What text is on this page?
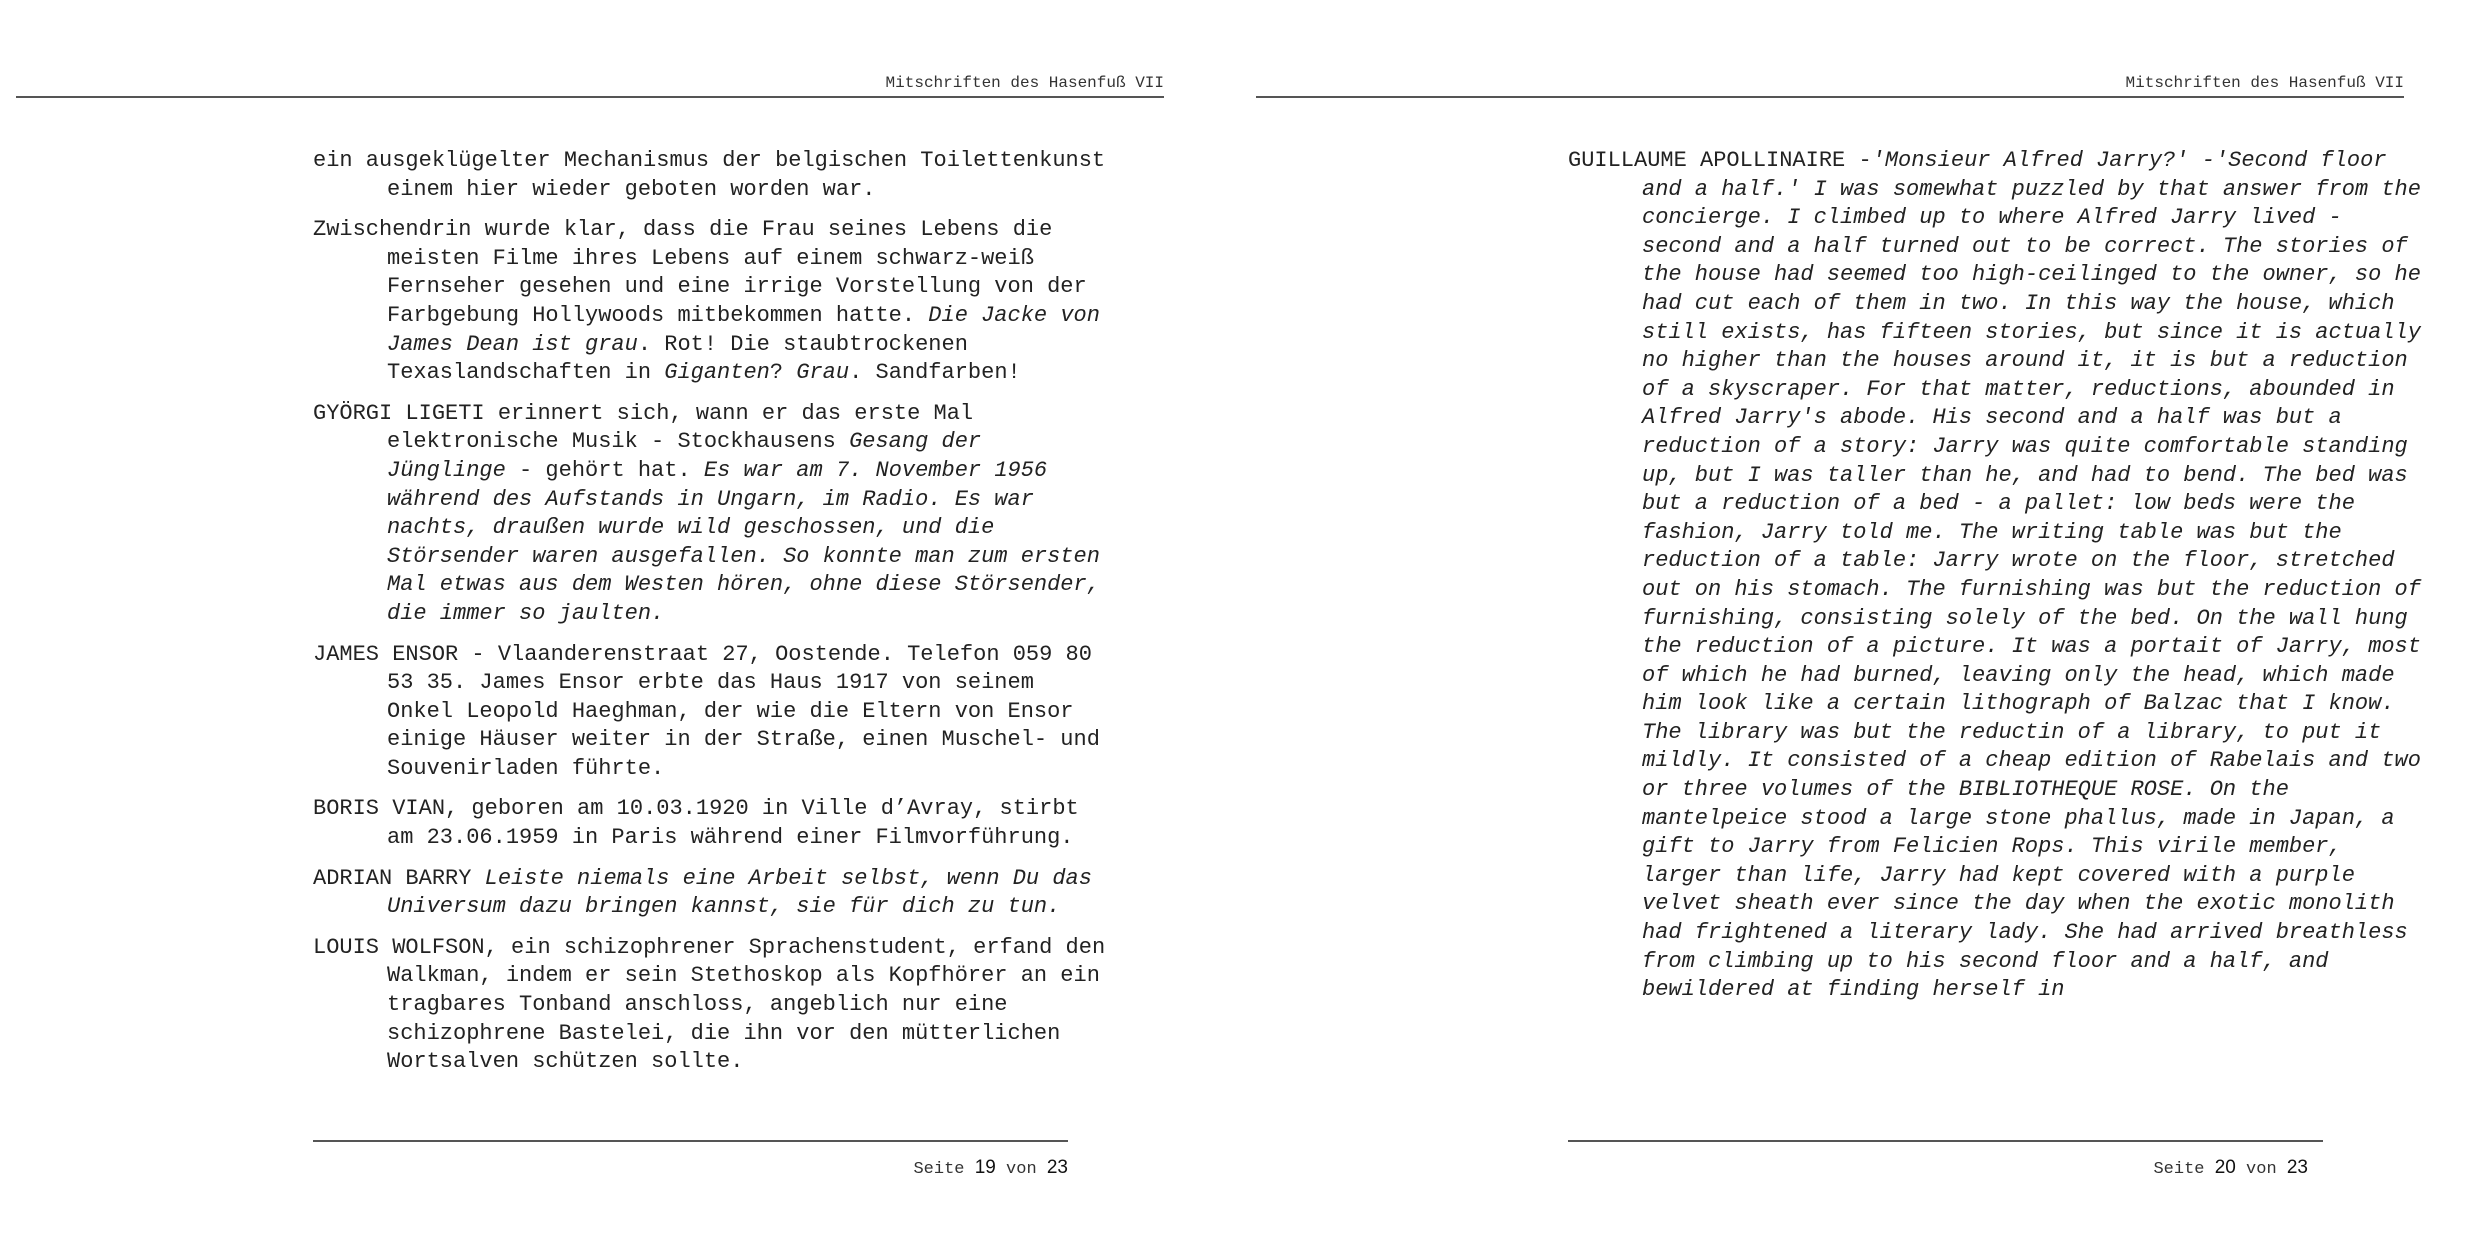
Mitschriften des Hasenfuß VII

ein ausgeklügelter Mechanismus der belgischen Toilettenkunst einem hier wieder geboten worden war.

Zwischendrin wurde klar, dass die Frau seines Lebens die meisten Filme ihres Lebens auf einem schwarz-weiß Fernseher gesehen und eine irrige Vorstellung von der Farbgebung Hollywoods mitbekommen hatte. Die Jacke von James Dean ist grau. Rot! Die staubtrockenen Texaslandschaften in Giganten? Grau. Sandfarben!

GYÖRGI LIGETI erinnert sich, wann er das erste Mal elektronische Musik - Stockhausens Gesang der Jünglinge - gehört hat. Es war am 7. November 1956 während des Aufstands in Ungarn, im Radio. Es war nachts, draußen wurde wild geschossen, und die Störsender waren ausgefallen. So konnte man zum ersten Mal etwas aus dem Westen hören, ohne diese Störsender, die immer so jaulten.

JAMES ENSOR - Vlaanderenstraat 27, Oostende. Telefon 059 80 53 35. James Ensor erbte das Haus 1917 von seinem Onkel Leopold Haeghman, der wie die Eltern von Ensor einige Häuser weiter in der Straße, einen Muschel- und Souvenirladen führte.

BORIS VIAN, geboren am 10.03.1920 in Ville d’Avray, stirbt am 23.06.1959 in Paris während einer Filmvorführung.

ADRIAN BARRY Leiste niemals eine Arbeit selbst, wenn Du das Universum dazu bringen kannst, sie für dich zu tun.

LOUIS WOLFSON, ein schizophrener Sprachenstudent, erfand den Walkman, indem er sein Stethoskop als Kopfhörer an ein tragbares Tonband anschloss, angeblich nur eine schizophrene Bastelei, die ihn vor den mütterlichen Wortsalven schützen sollte.

Seite 19 von 23
Mitschriften des Hasenfuß VII

GUILLAUME APOLLINAIRE -'Monsieur Alfred Jarry?' -'Second floor and a half.' I was somewhat puzzled by that answer from the concierge. I climbed up to where Alfred Jarry lived - second and a half turned out to be correct. The stories of the house had seemed too high-ceilinged to the owner, so he had cut each of them in two. In this way the house, which still exists, has fifteen stories, but since it is actually no higher than the houses around it, it is but a reduction of a skyscraper. For that matter, reductions, abounded in Alfred Jarry's abode. His second and a half was but a reduction of a story: Jarry was quite comfortable standing up, but I was taller than he, and had to bend. The bed was but a reduction of a bed - a pallet: low beds were the fashion, Jarry told me. The writing table was but the reduction of a table: Jarry wrote on the floor, stretched out on his stomach. The furnishing was but the reduction of furnishing, consisting solely of the bed. On the wall hung the reduction of a picture. It was a portait of Jarry, most of which he had burned, leaving only the head, which made him look like a certain lithograph of Balzac that I know. The library was but the reductin of a library, to put it mildly. It consisted of a cheap edition of Rabelais and two or three volumes of the BIBLIOTHEQUE ROSE. On the mantelpeice stood a large stone phallus, made in Japan, a gift to Jarry from Felicien Rops. This virile member, larger than life, Jarry had kept covered with a purple velvet sheath ever since the day when the exotic monolith had frightened a literary lady. She had arrived breathless from climbing up to his second floor and a half, and bewildered at finding herself in

Seite 20 von 23
